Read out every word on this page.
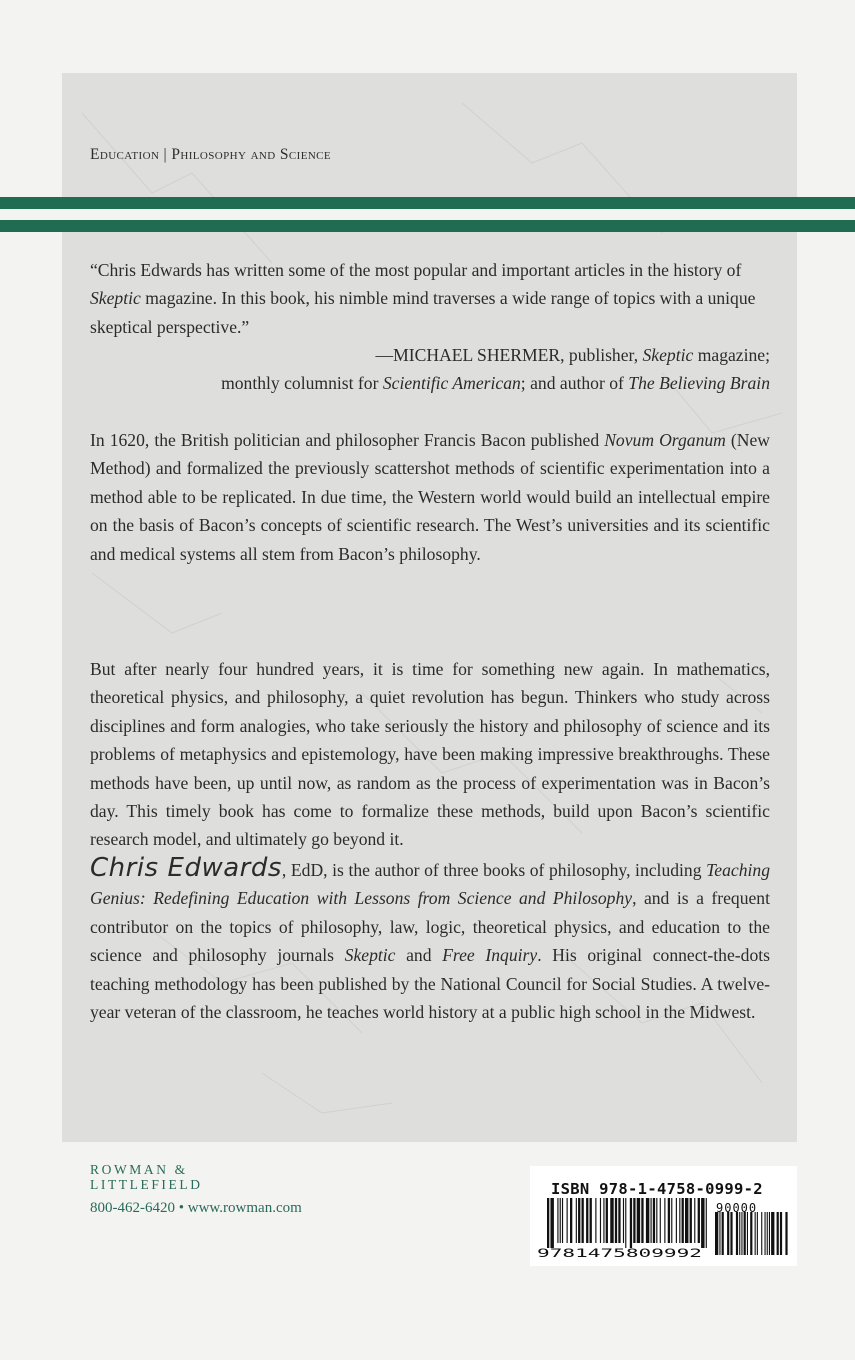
Education | Philosophy and Science

“Chris Edwards has written some of the most popular and important articles in the history of Skeptic magazine. In this book, his nimble mind traverses a wide range of topics with a unique skeptical perspective.”

—MICHAEL SHERMER, publisher, Skeptic magazine;
monthly columnist for Scientific American; and author of The Believing Brain

In 1620, the British politician and philosopher Francis Bacon published Novum Organum (New Method) and formalized the previously scattershot methods of scientific experimentation into a method able to be replicated. In due time, the Western world would build an intellectual empire on the basis of Bacon’s concepts of scientific research. The West’s universities and its scientific and medical systems all stem from Bacon’s philosophy.

But after nearly four hundred years, it is time for something new again. In mathematics, theoretical physics, and philosophy, a quiet revolution has begun. Thinkers who study across disciplines and form analogies, who take seriously the history and philosophy of science and its problems of metaphysics and epistemology, have been making impressive breakthroughs. These methods have been, up until now, as random as the process of experimentation was in Bacon’s day. This timely book has come to formalize these methods, build upon Bacon’s scientific research model, and ultimately go beyond it.

Chris Edwards, EdD, is the author of three books of philosophy, including Teaching Genius: Redefining Education with Lessons from Science and Philosophy, and is a frequent contributor on the topics of philosophy, law, logic, theoretical physics, and education to the science and philosophy journals Skeptic and Free Inquiry. His original connect-the-dots teaching methodology has been published by the National Council for Social Studies. A twelve-year veteran of the classroom, he teaches world history at a public high school in the Midwest.

ROWMAN &
LITTLEFIELD
800-462-6420 • www.rowman.com
ISBN 978-1-4758-0999-2
9781475809992
90000
